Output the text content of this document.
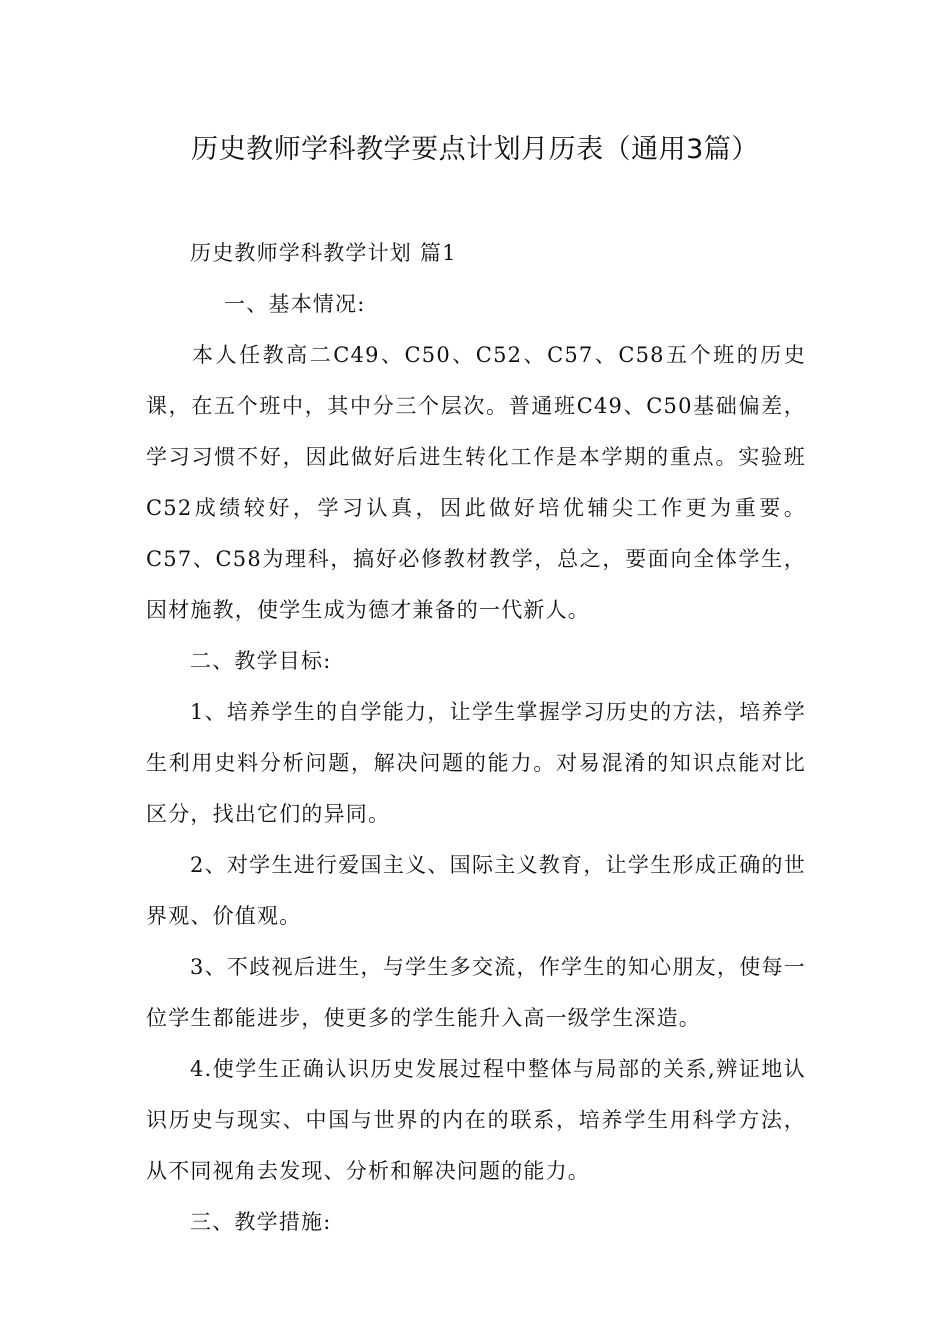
历史教师学科教学要点计划月历表（通用3篇）

历史教师学科教学计划 篇1

一、基本情况:

本人任教高二C49、C50、C52、C57、C58五个班的历史课，在五个班中，其中分三个层次。普通班C49、C50基础偏差，学习习惯不好，因此做好后进生转化工作是本学期的重点。实验班C52成绩较好，学习认真，因此做好培优辅尖工作更为重要。C57、C58为理科，搞好必修教材教学，总之，要面向全体学生，因材施教，使学生成为德才兼备的一代新人。

二、教学目标:

1、培养学生的自学能力，让学生掌握学习历史的方法，培养学生利用史料分析问题，解决问题的能力。对易混淆的知识点能对比区分，找出它们的异同。

2、对学生进行爱国主义、国际主义教育，让学生形成正确的世界观、价值观。

3、不歧视后进生，与学生多交流，作学生的知心朋友，使每一位学生都能进步，使更多的学生能升入高一级学生深造。

4.使学生正确认识历史发展过程中整体与局部的关系,辨证地认识历史与现实、中国与世界的内在的联系，培养学生用科学方法，从不同视角去发现、分析和解决问题的能力。

三、教学措施:
